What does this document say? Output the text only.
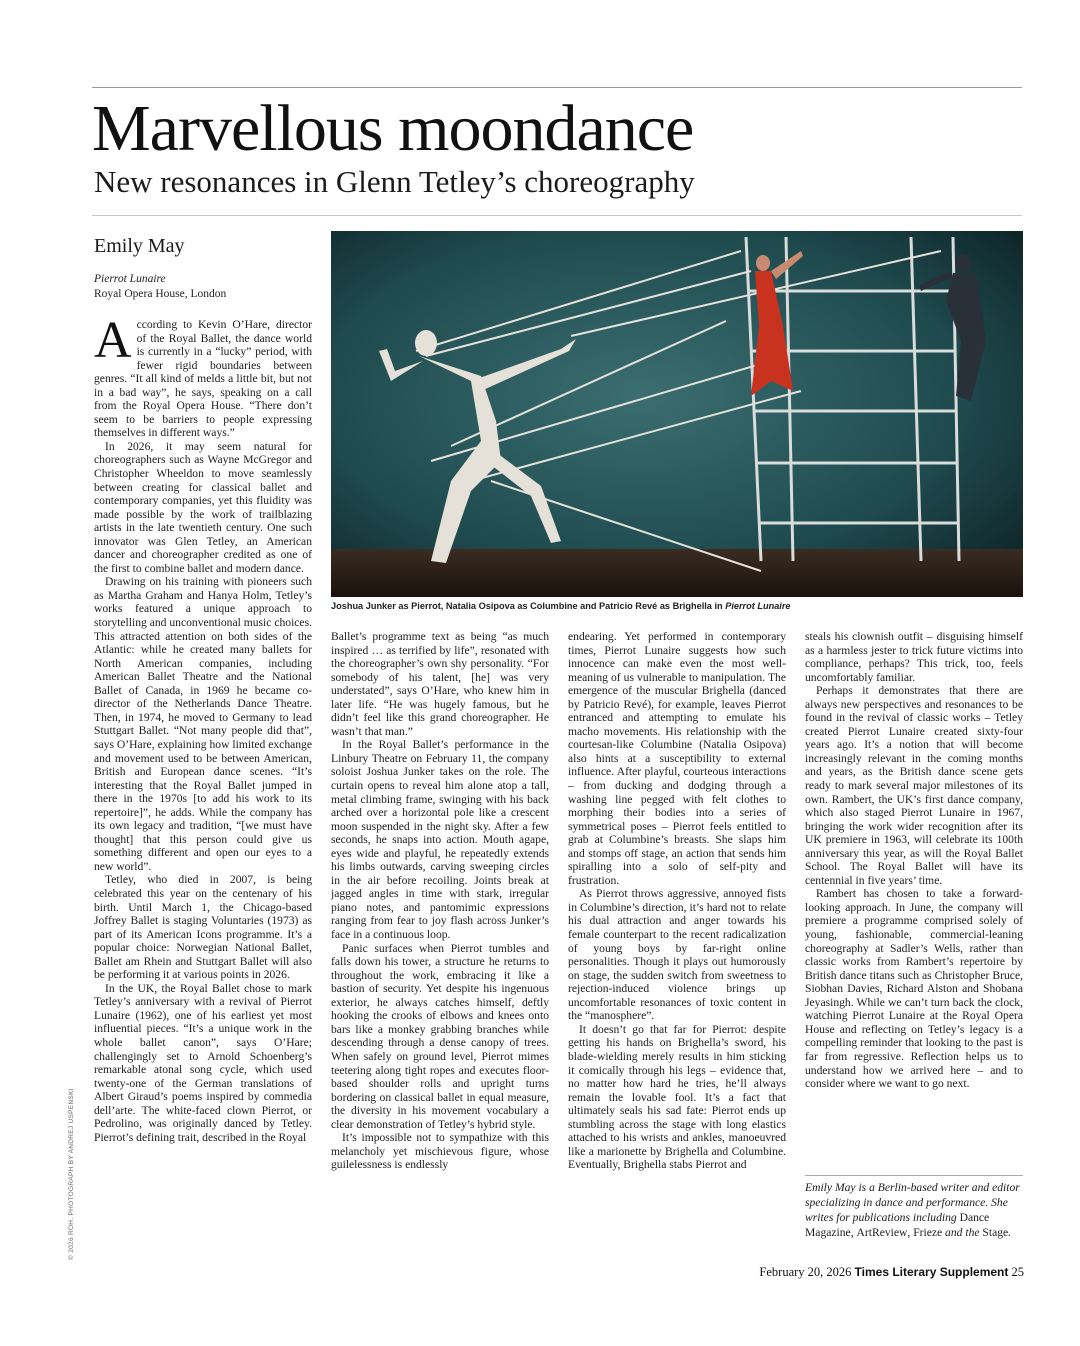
Marvellous moondance
New resonances in Glenn Tetley’s choreography
Emily May
Pierrot Lunaire
Royal Opera House, London
Joshua Junker as Pierrot, Natalia Osipova as Columbine and Patricio Revé as Brighella in Pierrot Lunaire

According to Kevin O’Hare, director of the Royal Ballet, the dance world is currently in a “lucky” period, with fewer rigid boundaries between genres. “It all kind of melds a little bit, but not in a bad way”, he says, speaking on a call from the Royal Opera House. “There don’t seem to be barriers to people expressing themselves in different ways.”

In 2026, it may seem natural for choreographers such as Wayne McGregor and Christopher Wheeldon to move seamlessly between creating for classical ballet and contemporary companies, yet this fluidity was made possible by the work of trailblazing artists in the late twentieth century. One such innovator was Glen Tetley, an American dancer and choreographer credited as one of the first to combine ballet and modern dance.

Drawing on his training with pioneers such as Martha Graham and Hanya Holm, Tetley’s works featured a unique approach to storytelling and unconventional music choices. This attracted attention on both sides of the Atlantic: while he created many ballets for North American companies, including American Ballet Theatre and the National Ballet of Canada, in 1969 he became co-director of the Netherlands Dance Theatre. Then, in 1974, he moved to Germany to lead Stuttgart Ballet. “Not many people did that”, says O’Hare, explaining how limited exchange and movement used to be between American, British and European dance scenes. “It’s interesting that the Royal Ballet jumped in there in the 1970s [to add his work to its repertoire]”, he adds. While the company has its own legacy and tradition, “[we must have thought] that this person could give us something different and open our eyes to a new world”.

Tetley, who died in 2007, is being celebrated this year on the centenary of his birth. Until March 1, the Chicago-based Joffrey Ballet is staging Voluntaries (1973) as part of its American Icons programme. It’s a popular choice: Norwegian National Ballet, Ballet am Rhein and Stuttgart Ballet will also be performing it at various points in 2026.

In the UK, the Royal Ballet chose to mark Tetley’s anniversary with a revival of Pierrot Lunaire (1962), one of his earliest yet most influential pieces. “It’s a unique work in the whole ballet canon”, says O’Hare; challengingly set to Arnold Schoenberg’s remarkable atonal song cycle, which used twenty-one of the German translations of Albert Giraud’s poems inspired by commedia dell’arte. The white-faced clown Pierrot, or Pedrolino, was originally danced by Tetley. Pierrot’s defining trait, described in the Royal

Ballet’s programme text as being “as much inspired … as terrified by life”, resonated with the choreographer’s own shy personality. “For somebody of his talent, [he] was very understated”, says O’Hare, who knew him in later life. “He was hugely famous, but he didn’t feel like this grand choreographer. He wasn’t that man.”

In the Royal Ballet’s performance in the Linbury Theatre on February 11, the company soloist Joshua Junker takes on the role. The curtain opens to reveal him alone atop a tall, metal climbing frame, swinging with his back arched over a horizontal pole like a crescent moon suspended in the night sky. After a few seconds, he snaps into action. Mouth agape, eyes wide and playful, he repeatedly extends his limbs outwards, carving sweeping circles in the air before recoiling. Joints break at jagged angles in time with stark, irregular piano notes, and pantomimic expressions ranging from fear to joy flash across Junker’s face in a continuous loop.

Panic surfaces when Pierrot tumbles and falls down his tower, a structure he returns to throughout the work, embracing it like a bastion of security. Yet despite his ingenuous exterior, he always catches himself, deftly hooking the crooks of elbows and knees onto bars like a monkey grabbing branches while descending through a dense canopy of trees. When safely on ground level, Pierrot mimes teetering along tight ropes and executes floor-based shoulder rolls and upright turns bordering on classical ballet in equal measure, the diversity in his movement vocabulary a clear demonstration of Tetley’s hybrid style.

It’s impossible not to sympathize with this melancholy yet mischievous figure, whose guilelessness is endlessly

endearing. Yet performed in contemporary times, Pierrot Lunaire suggests how such innocence can make even the most well-meaning of us vulnerable to manipulation. The emergence of the muscular Brighella (danced by Patricio Revé), for example, leaves Pierrot entranced and attempting to emulate his macho movements. His relationship with the courtesan-like Columbine (Natalia Osipova) also hints at a susceptibility to external influence. After playful, courteous interactions – from ducking and dodging through a washing line pegged with felt clothes to morphing their bodies into a series of symmetrical poses – Pierrot feels entitled to grab at Columbine’s breasts. She slaps him and stomps off stage, an action that sends him spiralling into a solo of self-pity and frustration.

As Pierrot throws aggressive, annoyed fists in Columbine’s direction, it’s hard not to relate his dual attraction and anger towards his female counterpart to the recent radicalization of young boys by far-right online personalities. Though it plays out humorously on stage, the sudden switch from sweetness to rejection-induced violence brings up uncomfortable resonances of toxic content in the “manosphere”.

It doesn’t go that far for Pierrot: despite getting his hands on Brighella’s sword, his blade-wielding merely results in him sticking it comically through his legs – evidence that, no matter how hard he tries, he’ll always remain the lovable fool. It’s a fact that ultimately seals his sad fate: Pierrot ends up stumbling across the stage with long elastics attached to his wrists and ankles, manoeuvred like a marionette by Brighella and Columbine. Eventually, Brighella stabs Pierrot and

steals his clownish outfit – disguising himself as a harmless jester to trick future victims into compliance, perhaps? This trick, too, feels uncomfortably familiar.

Perhaps it demonstrates that there are always new perspectives and resonances to be found in the revival of classic works – Tetley created Pierrot Lunaire created sixty-four years ago. It’s a notion that will become increasingly relevant in the coming months and years, as the British dance scene gets ready to mark several major milestones of its own. Rambert, the UK’s first dance company, which also staged Pierrot Lunaire in 1967, bringing the work wider recognition after its UK premiere in 1963, will celebrate its 100th anniversary this year, as will the Royal Ballet School. The Royal Ballet will have its centennial in five years’ time.

Rambert has chosen to take a forward-looking approach. In June, the company will premiere a programme comprised solely of young, fashionable, commercial-leaning choreography at Sadler’s Wells, rather than classic works from Rambert’s repertoire by British dance titans such as Christopher Bruce, Siobhan Davies, Richard Alston and Shobana Jeyasingh. While we can’t turn back the clock, watching Pierrot Lunaire at the Royal Opera House and reflecting on Tetley’s legacy is a compelling reminder that looking to the past is far from regressive. Reflection helps us to understand how we arrived here – and to consider where we want to go next.

Emily May is a Berlin-based writer and editor specializing in dance and performance. She writes for publications including Dance Magazine, ArtReview, Frieze and the Stage.
© 2026 ROH. PHOTOGRAPH BY ANDREJ USPENSKI
February 20, 2026 Times Literary Supplement 25
